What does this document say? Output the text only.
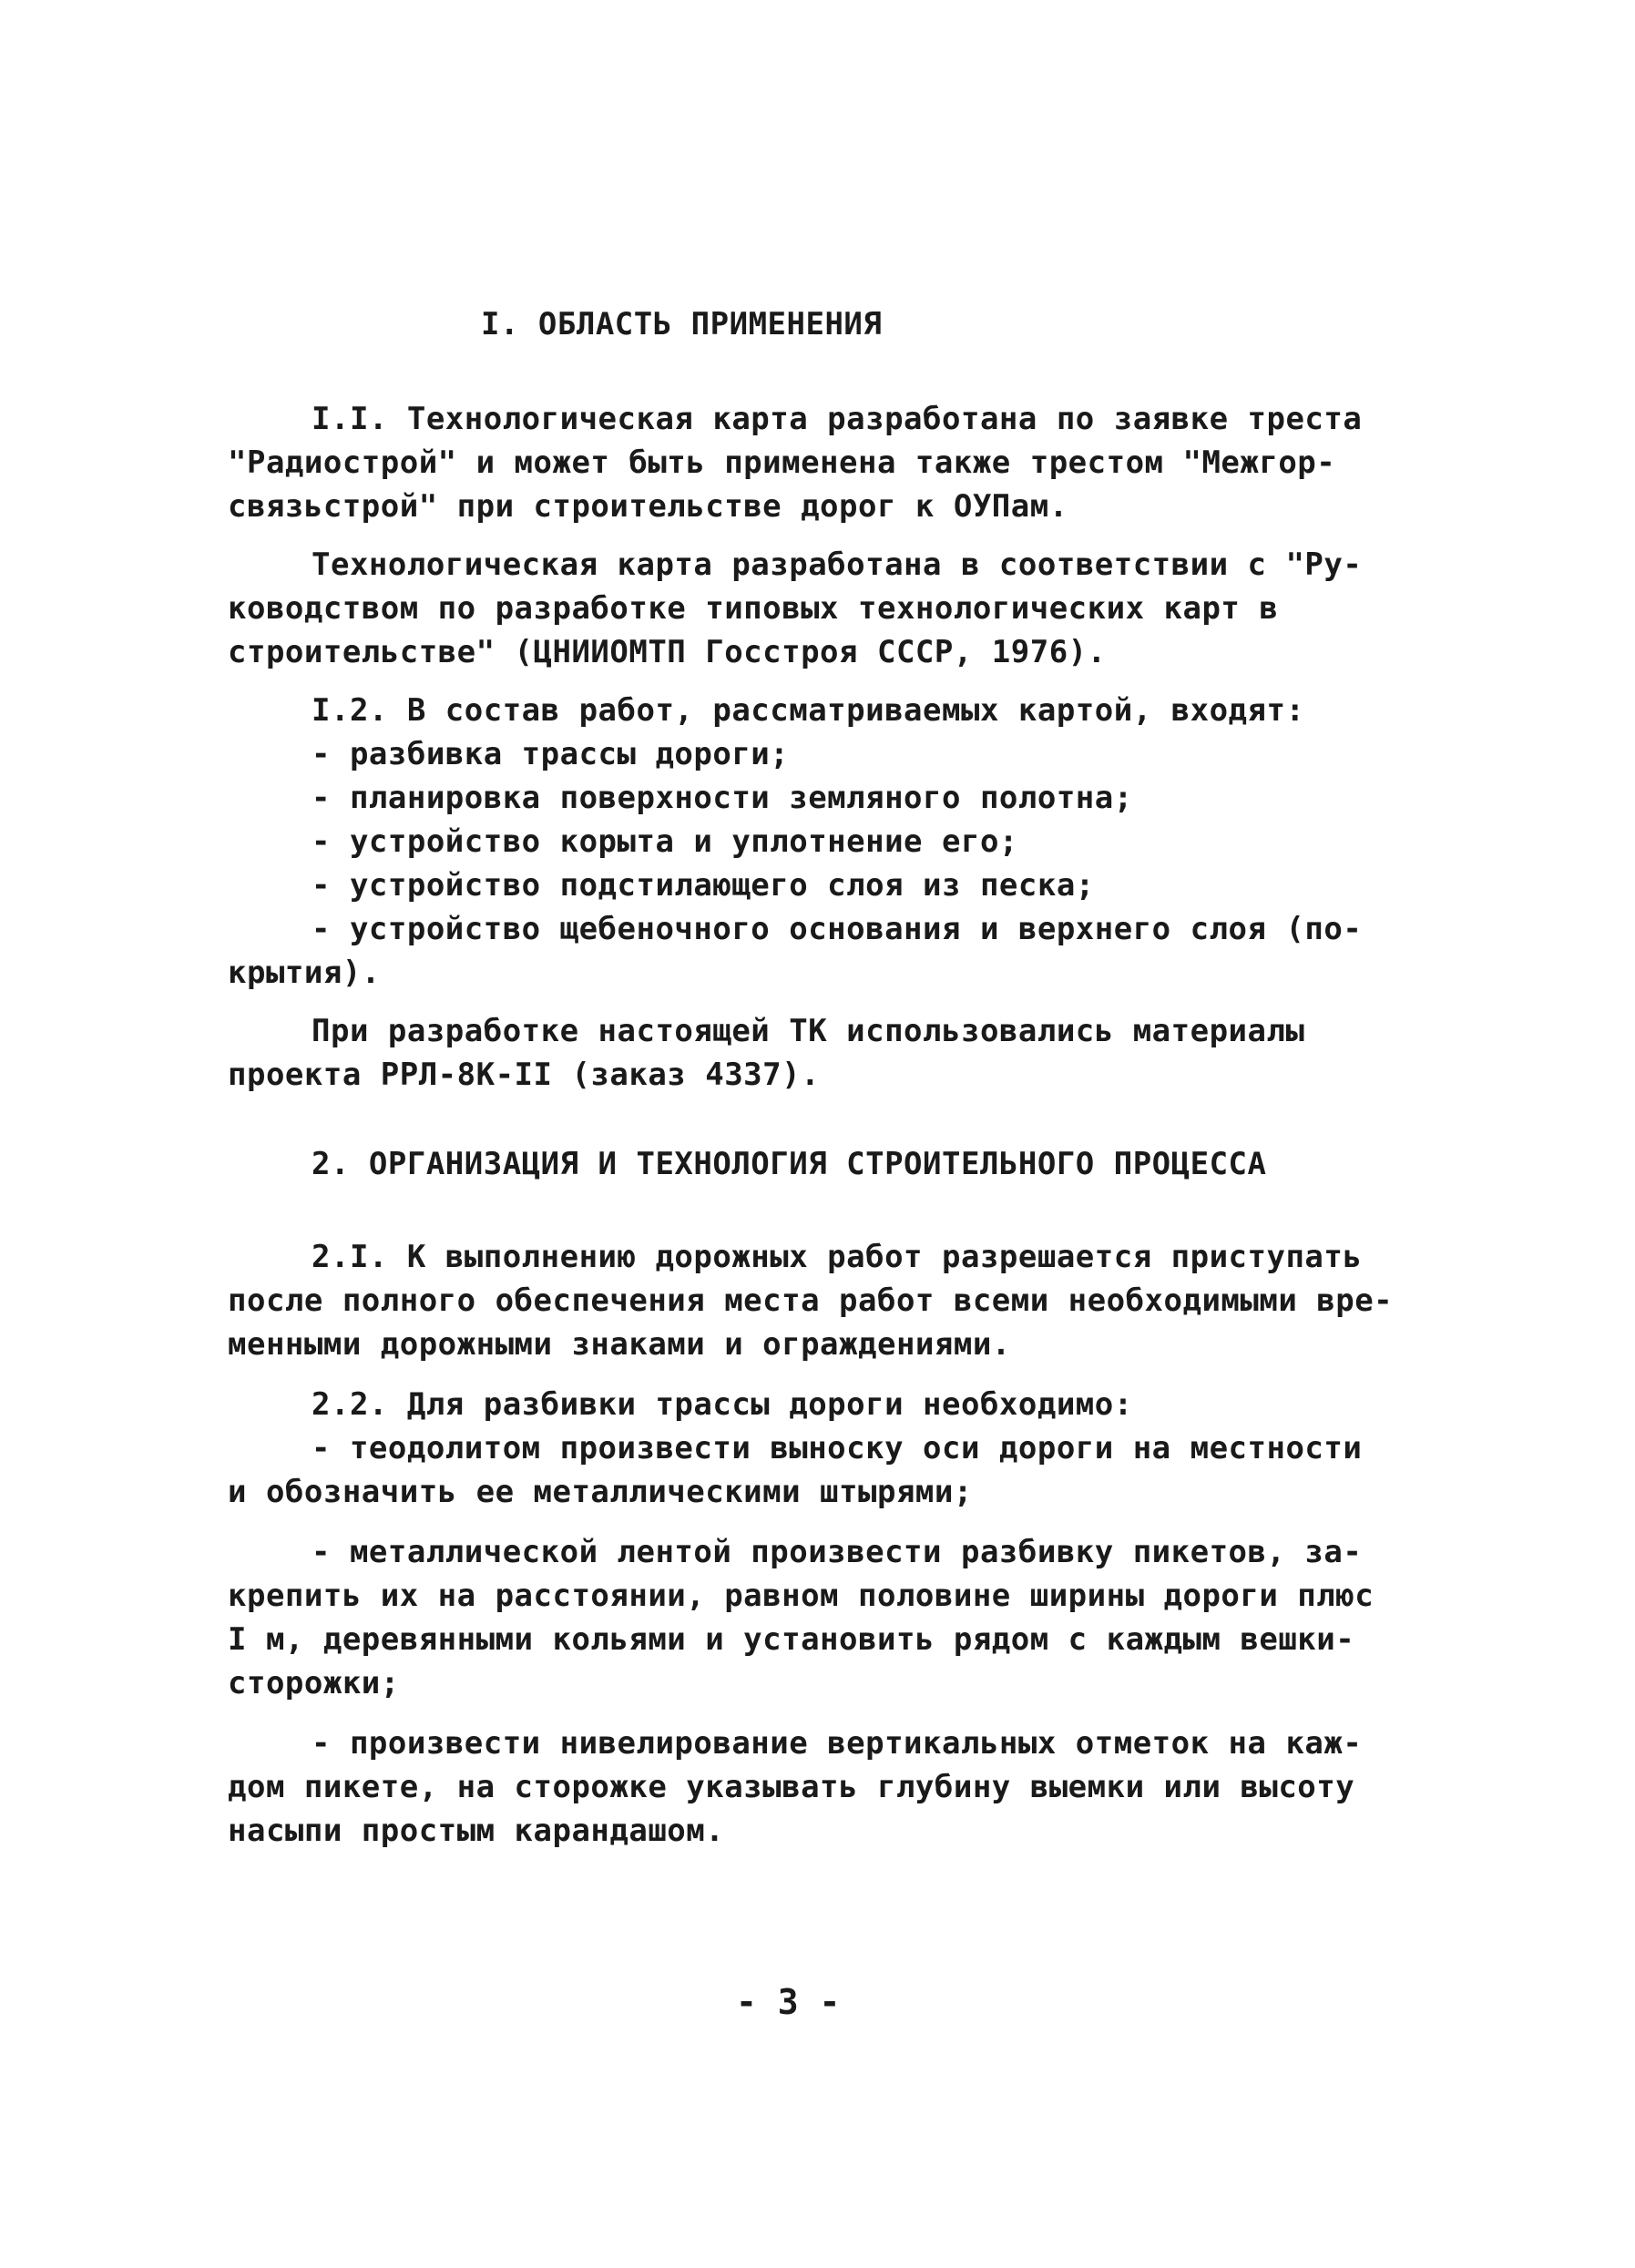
I. ОБЛАСТЬ ПРИМЕНЕНИЯ
I.I. Технологическая карта разработана по заявке треста
"Радиострой" и может быть применена также трестом "Межгор-
связьстрой" при строительстве дорог к ОУПам.
Технологическая карта разработана в соответствии с "Ру-
ководством по разработке типовых технологических карт в
строительстве" (ЦНИИОМТП Госстроя СССР, 1976).
I.2. В состав работ, рассматриваемых картой, входят:
- разбивка трассы дороги;
- планировка поверхности земляного полотна;
- устройство корыта и уплотнение его;
- устройство подстилающего слоя из песка;
- устройство щебеночного основания и верхнего слоя (по-
крытия).
При разработке настоящей ТК использовались материалы
проекта РРЛ-8К-II (заказ 4337).
2. ОРГАНИЗАЦИЯ И ТЕХНОЛОГИЯ СТРОИТЕЛЬНОГО ПРОЦЕССА
2.I. К выполнению дорожных работ разрешается приступать
после полного обеспечения места работ всеми необходимыми вре-
менными дорожными знаками и ограждениями.
2.2. Для разбивки трассы дороги необходимо:
- теодолитом произвести выноску оси дороги на местности
и обозначить ее металлическими штырями;
- металлической лентой произвести разбивку пикетов, за-
крепить их на расстоянии, равном половине ширины дороги плюс
I м, деревянными кольями и установить рядом с каждым вешки-
сторожки;
- произвести нивелирование вертикальных отметок на каж-
дом пикете, на сторожке указывать глубину выемки или высоту
насыпи простым карандашом.
- 3 -
